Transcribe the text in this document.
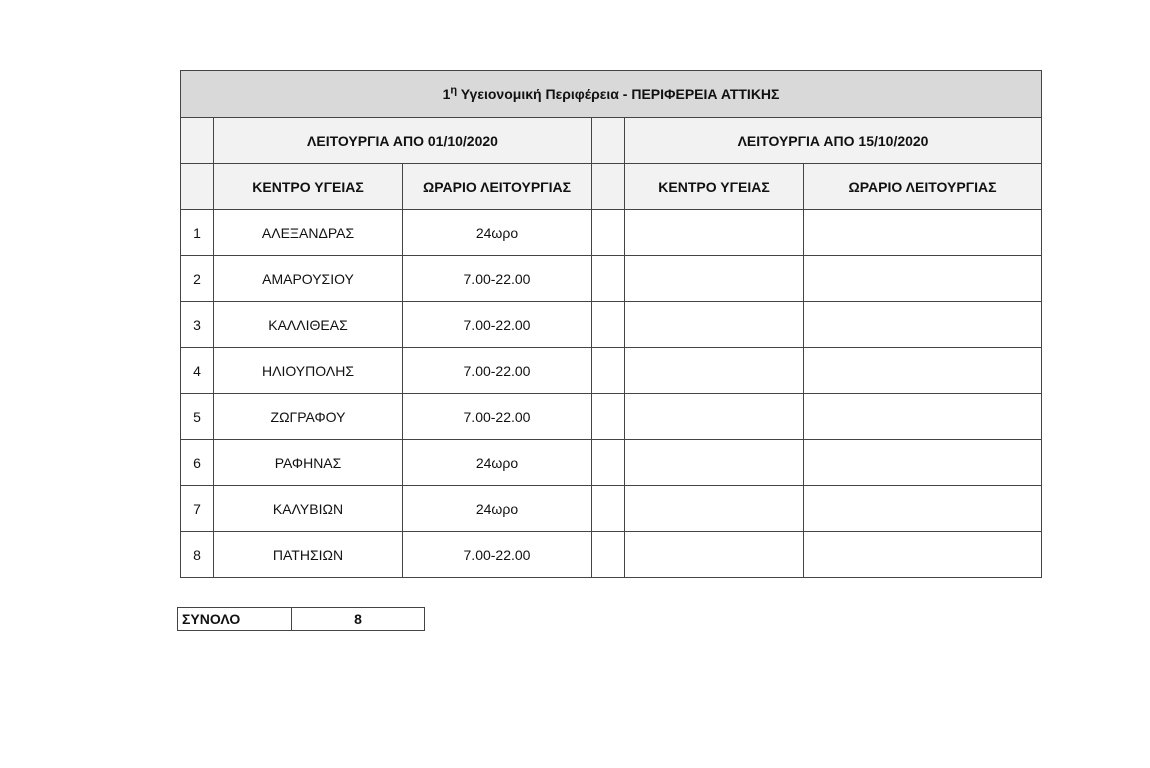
$1^\eta$ Υγειονομική Περιφέρεια - ΠΕΡΙΦΕΡΕΙΑ ΑΤΤΙΚΗΣ					
	ΛΕΙΤΟΥΡΓΙΑ ΑΠΟ 01/10/2020			ΛΕΙΤΟΥΡΓΙΑ ΑΠΟ 15/10/2020	
	ΚΕΝΤΡΟ ΥΓΕΙΑΣ	ΩΡΑΡΙΟ ΛΕΙΤΟΥΡΓΙΑΣ		ΚΕΝΤΡΟ ΥΓΕΙΑΣ	ΩΡΑΡΙΟ ΛΕΙΤΟΥΡΓΙΑΣ
1	ΑΛΕΞΑΝΔΡΑΣ	24ωρο			
2	ΑΜΑΡΟΥΣΙΟΥ	7.00-22.00			
3	ΚΑΛΛΙΘΕΑΣ	7.00-22.00			
4	ΗΛΙΟΥΠΟΛΗΣ	7.00-22.00			
5	ΖΩΓΡΑΦΟΥ	7.00-22.00			
6	ΡΑΦΗΝΑΣ	24ωρο			
7	ΚΑΛΥΒΙΩΝ	24ωρο			
8	ΠΑΤΗΣΙΩΝ	7.00-22.00			
ΣΥΝΟΛΟ	8
